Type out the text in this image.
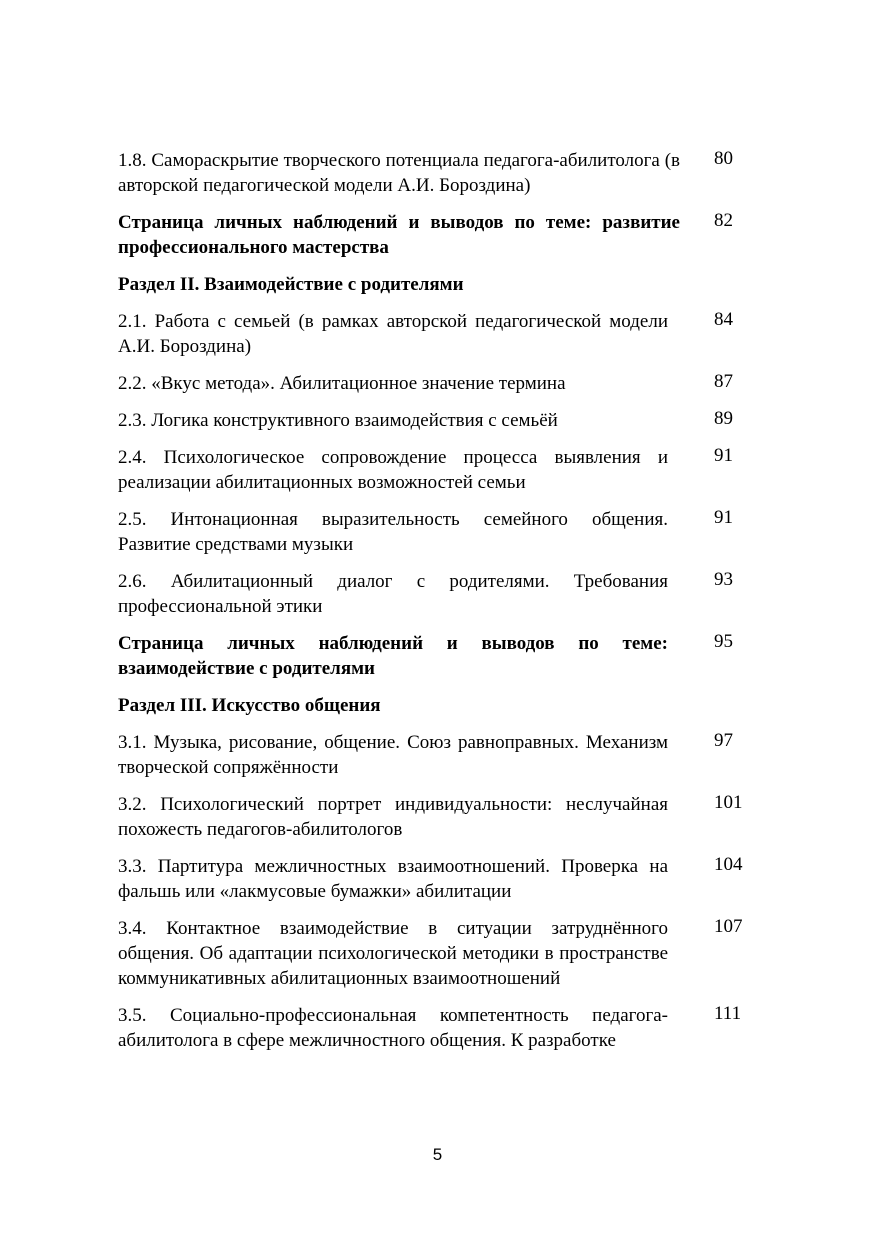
1.8. Самораскрытие творческого потенциала педагога-абилитолога (в авторской педагогической модели А.И. Бороздина)
80
Страница личных наблюдений и выводов по теме: развитие профессионального мастерства
82
Раздел II. Взаимодействие с родителями
2.1. Работа с семьей (в рамках авторской педагогической модели А.И. Бороздина)
84
2.2. «Вкус метода». Абилитационное значение термина	87
2.3. Логика конструктивного взаимодействия с семьёй	89
2.4. Психологическое сопровождение процесса выявления и реализации абилитационных возможностей семьи
91
2.5. Интонационная выразительность семейного общения. Развитие средствами музыки
91
2.6. Абилитационный диалог с родителями. Требования профессиональной этики
93
Страница личных наблюдений и выводов по теме: взаимодействие с родителями
95
Раздел III. Искусство общения
3.1. Музыка, рисование, общение. Союз равноправных. Механизм творческой сопряжённости
97
3.2. Психологический портрет индивидуальности: неслучайная похожесть педагогов-абилитологов
101
3.3. Партитура межличностных взаимоотношений. Проверка на фальшь или «лакмусовые бумажки» абилитации
104
3.4. Контактное взаимодействие в ситуации затруднённого общения. Об адаптации психологической методики в пространстве коммуникативных абилитационных взаимоотношений
107
3.5. Социально-профессиональная компетентность педагога-абилитолога в сфере межличностного общения. К разработке
111
5
